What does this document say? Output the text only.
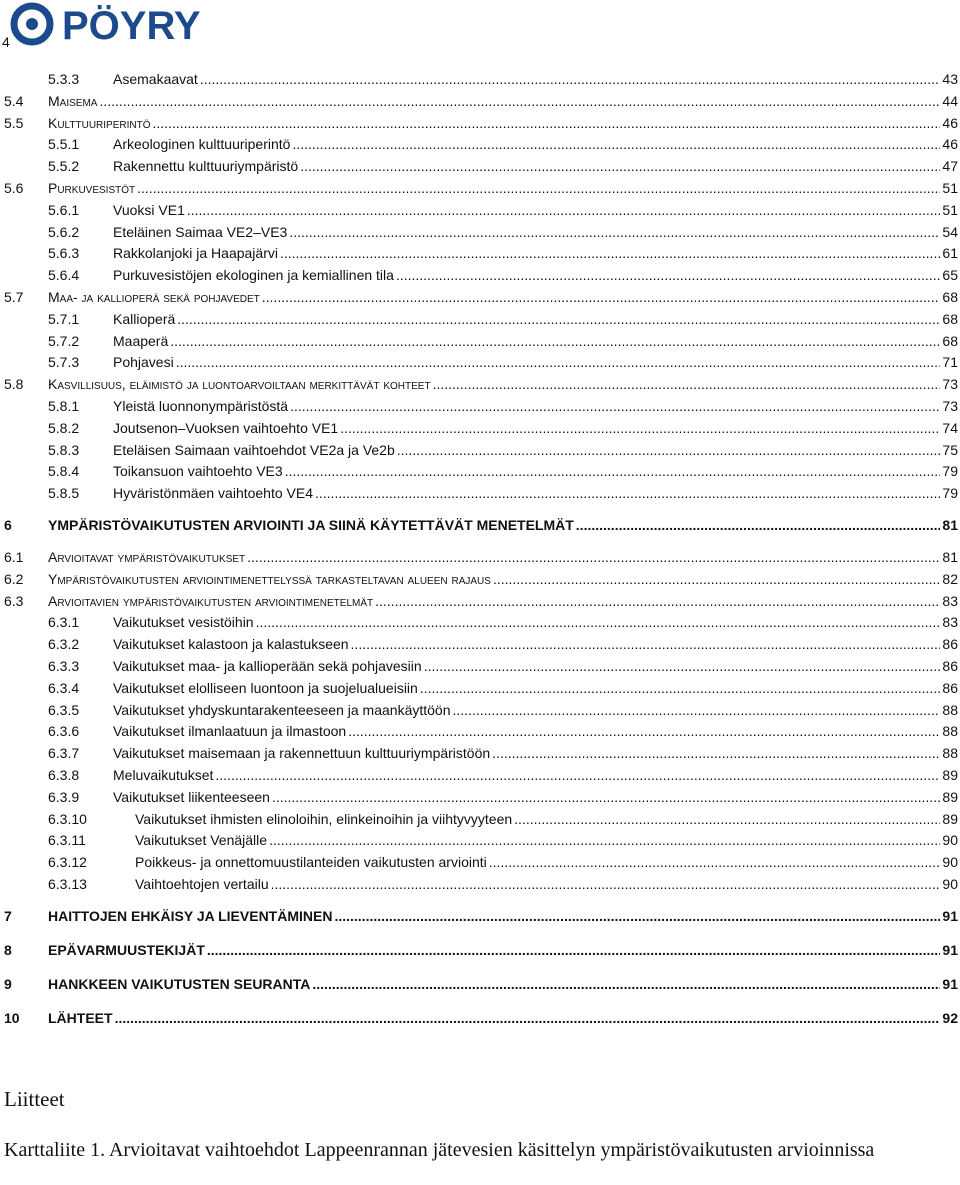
4 PÖYRY
5.3.3	Asemakaavat .....	43
5.4	Maisema .....	44
5.5	Kulttuuriperintö .....	46
5.5.1	Arkeologinen kulttuuriperintö .....	46
5.5.2	Rakennettu kulttuuriympäristö .....	47
5.6	Purkuvesistöt .....	51
5.6.1	Vuoksi VE1 .....	51
5.6.2	Eteläinen Saimaa VE2–VE3 .....	54
5.6.3	Rakkolanjoki ja Haapajärvi .....	61
5.6.4	Purkuvesistöjen ekologinen ja kemiallinen tila .....	65
5.7	Maa- ja kallioperä sekä pohjavedet .....	68
5.7.1	Kallioperä .....	68
5.7.2	Maaperä .....	68
5.7.3	Pohjavesi .....	71
5.8	Kasvillisuus, eläimistö ja luontoarvoiltaan merkittävät kohteet .....	73
5.8.1	Yleistä luonnonympäristöstä .....	73
5.8.2	Joutsenon–Vuoksen vaihtoehto VE1 .....	74
5.8.3	Eteläisen Saimaan vaihtoehdot VE2a ja Ve2b .....	75
5.8.4	Toikansuon vaihtoehto VE3 .....	79
5.8.5	Hyväristönmäen vaihtoehto VE4 .....	79
6	YMPÄRISTÖVAIKUTUSTEN ARVIOINTI JA SIINÄ KÄYTETTÄVÄT MENETELMÄT .....	81
6.1	Arvioitavat ympäristövaikutukset .....	81
6.2	Ympäristövaikutusten arviointimenettelyssä tarkasteltavan alueen rajaus .....	82
6.3	Arvioitavien ympäristövaikutusten arviointimenetelmät .....	83
6.3.1	Vaikutukset vesistöihin .....	83
6.3.2	Vaikutukset kalastoon ja kalastukseen .....	86
6.3.3	Vaikutukset maa- ja kallioperään sekä pohjavesiin .....	86
6.3.4	Vaikutukset elolliseen luontoon ja suojelualueisiin .....	86
6.3.5	Vaikutukset yhdyskuntarakenteeseen ja maankäyttöön .....	88
6.3.6	Vaikutukset ilmanlaatuun ja ilmastoon .....	88
6.3.7	Vaikutukset maisemaan ja rakennettuun kulttuuriympäristöön .....	88
6.3.8	Meluvaikutukset .....	89
6.3.9	Vaikutukset liikenteeseen .....	89
6.3.10	Vaikutukset ihmisten elinoloihin, elinkeinoihin ja viihtyvyyteen .....	89
6.3.11	Vaikutukset Venäjälle .....	90
6.3.12	Poikkeus- ja onnettomuustilanteiden vaikutusten arviointi .....	90
6.3.13	Vaihtoehtojen vertailu .....	90
7	HAITTOJEN EHKÄISY JA LIEVENTÄMINEN .....	91
8	EPÄVARMUUSTEKIJÄT .....	91
9	HANKKEEN VAIKUTUSTEN SEURANTA .....	91
10	LÄHTEET .....	92
Liitteet
Karttaliite 1. Arvioitavat vaihtoehdot Lappeenrannan jätevesien käsittelyn ympäristövaikutusten arvioinnissa
